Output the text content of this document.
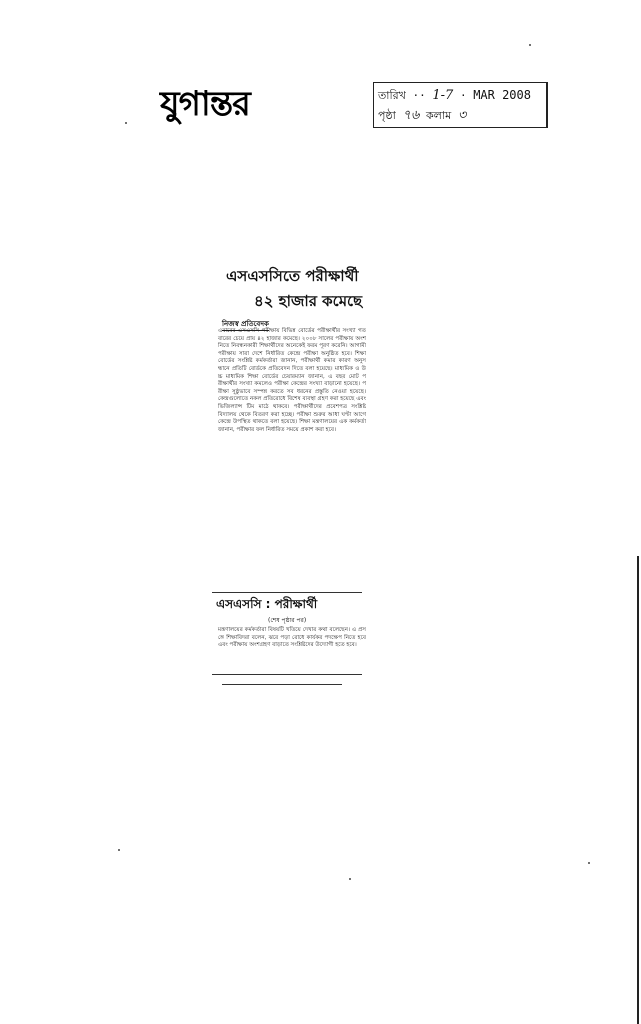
যুগান্তর	তারিখ ·· 1-7 · MAR 2008
পৃষ্ঠা ৭৬ কলাম ৩
এসএসসিতে পরীক্ষার্থী
৪২ হাজার কমেছে
নিজস্ব প্রতিবেদক
এবারের এসএসসি পরীক্ষায় বিভিন্ন বোর্ডের পরীক্ষার্থীর সংখ্যা গতবারের চেয়ে প্রায় ৪২ হাজার কমেছে। ২০০৮ সালের পরীক্ষায় অংশ নিতে নিবন্ধনকারী শিক্ষার্থীদের অনেকেই ফরম পূরণ করেনি। আগামী পরীক্ষায় সারা দেশে নির্ধারিত কেন্দ্রে পরীক্ষা অনুষ্ঠিত হবে। শিক্ষা বোর্ডের সংশ্লিষ্ট কর্মকর্তারা জানান, পরীক্ষার্থী কমার কারণ অনুসন্ধানে প্রতিটি বোর্ডকে প্রতিবেদন দিতে বলা হয়েছে। মাধ্যমিক ও উচ্চ মাধ্যমিক শিক্ষা বোর্ডের চেয়ারম্যান জানান, এ বছর মোট পরীক্ষার্থীর সংখ্যা কমলেও পরীক্ষা কেন্দ্রের সংখ্যা বাড়ানো হয়েছে। পরীক্ষা সুষ্ঠুভাবে সম্পন্ন করতে সব ধরনের প্রস্তুতি নেওয়া হয়েছে। কেন্দ্রগুলোতে নকল প্রতিরোধে বিশেষ ব্যবস্থা গ্রহণ করা হয়েছে এবং ভিজিল্যান্স টিম মাঠে থাকবে। পরীক্ষার্থীদের প্রবেশপত্র সংশ্লিষ্ট বিদ্যালয় থেকে বিতরণ করা হচ্ছে। পরীক্ষা শুরুর আধা ঘণ্টা আগে কেন্দ্রে উপস্থিত থাকতে বলা হয়েছে। শিক্ষা মন্ত্রণালয়ের এক কর্মকর্তা জানান, পরীক্ষার ফল নির্ধারিত সময়ে প্রকাশ করা হবে।
এসএসসি : পরীক্ষার্থী
(শেষ পৃষ্ঠার পর)
মন্ত্রণালয়ের কর্মকর্তারা বিষয়টি খতিয়ে দেখার কথা বলেছেন। এ প্রসঙ্গে শিক্ষাবিদরা বলেন, ঝরে পড়া রোধে কার্যকর পদক্ষেপ নিতে হবে এবং পরীক্ষায় অংশগ্রহণ বাড়াতে সংশ্লিষ্টদের উদ্যোগী হতে হবে।
